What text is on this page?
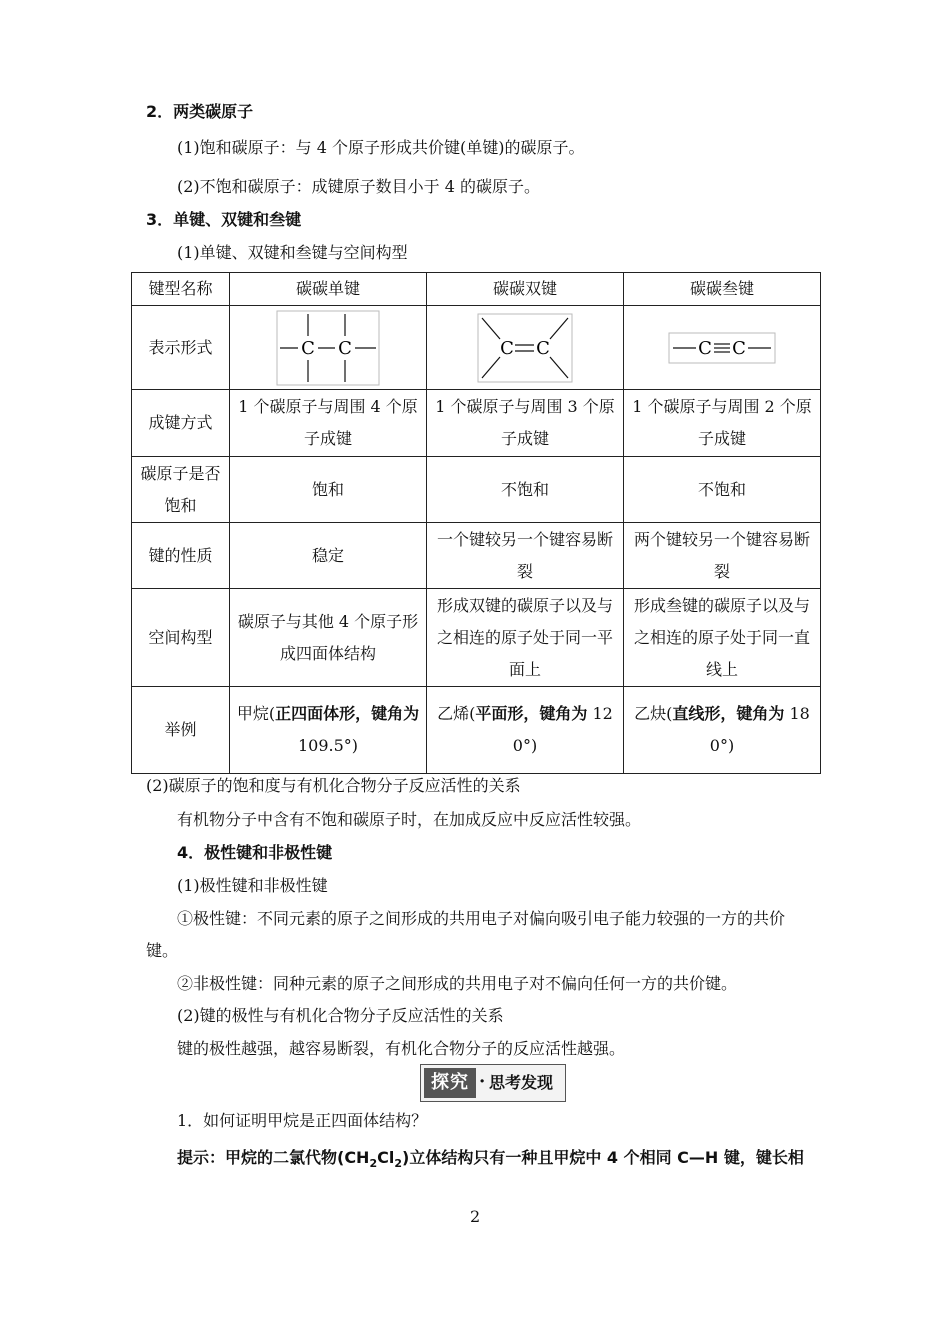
2．两类碳原子
(1)饱和碳原子：与 4 个原子形成共价键(单键)的碳原子。
(2)不饱和碳原子：成键原子数目小于 4 的碳原子。
3．单键、双键和叁键
(1)单键、双键和叁键与空间构型
键型名称	碳碳单键	碳碳双键	碳碳叁键
表示形式	C C	C C	C C

成键方式	1 个碳原子与周围 4 个原子成键	1 个碳原子与周围 3 个原子成键	1 个碳原子与周围 2 个原子成键
碳原子是否饱和	饱和	不饱和	不饱和
键的性质	稳定	一个键较另一个键容易断裂	两个键较另一个键容易断裂
空间构型	碳原子与其他 4 个原子形成四面体结构	形成双键的碳原子以及与之相连的原子处于同一平面上	形成叁键的碳原子以及与之相连的原子处于同一直线上
举例	甲烷(正四面体形，键角为 109.5°)	乙烯(平面形，键角为 120°)	乙炔(直线形，键角为 180°)
(2)碳原子的饱和度与有机化合物分子反应活性的关系
有机物分子中含有不饱和碳原子时，在加成反应中反应活性较强。
4．极性键和非极性键
(1)极性键和非极性键
①极性键：不同元素的原子之间形成的共用电子对偏向吸引电子能力较强的一方的共价
键。
②非极性键：同种元素的原子之间形成的共用电子对不偏向任何一方的共价键。
(2)键的极性与有机化合物分子反应活性的关系
键的极性越强，越容易断裂，有机化合物分子的反应活性越强。
探究 · 思考发现
1．如何证明甲烷是正四面体结构？
提示：甲烷的二氯代物$(CH_2Cl_2)$立体结构只有一种且甲烷中 4 个相同 C—H 键，键长相
2
